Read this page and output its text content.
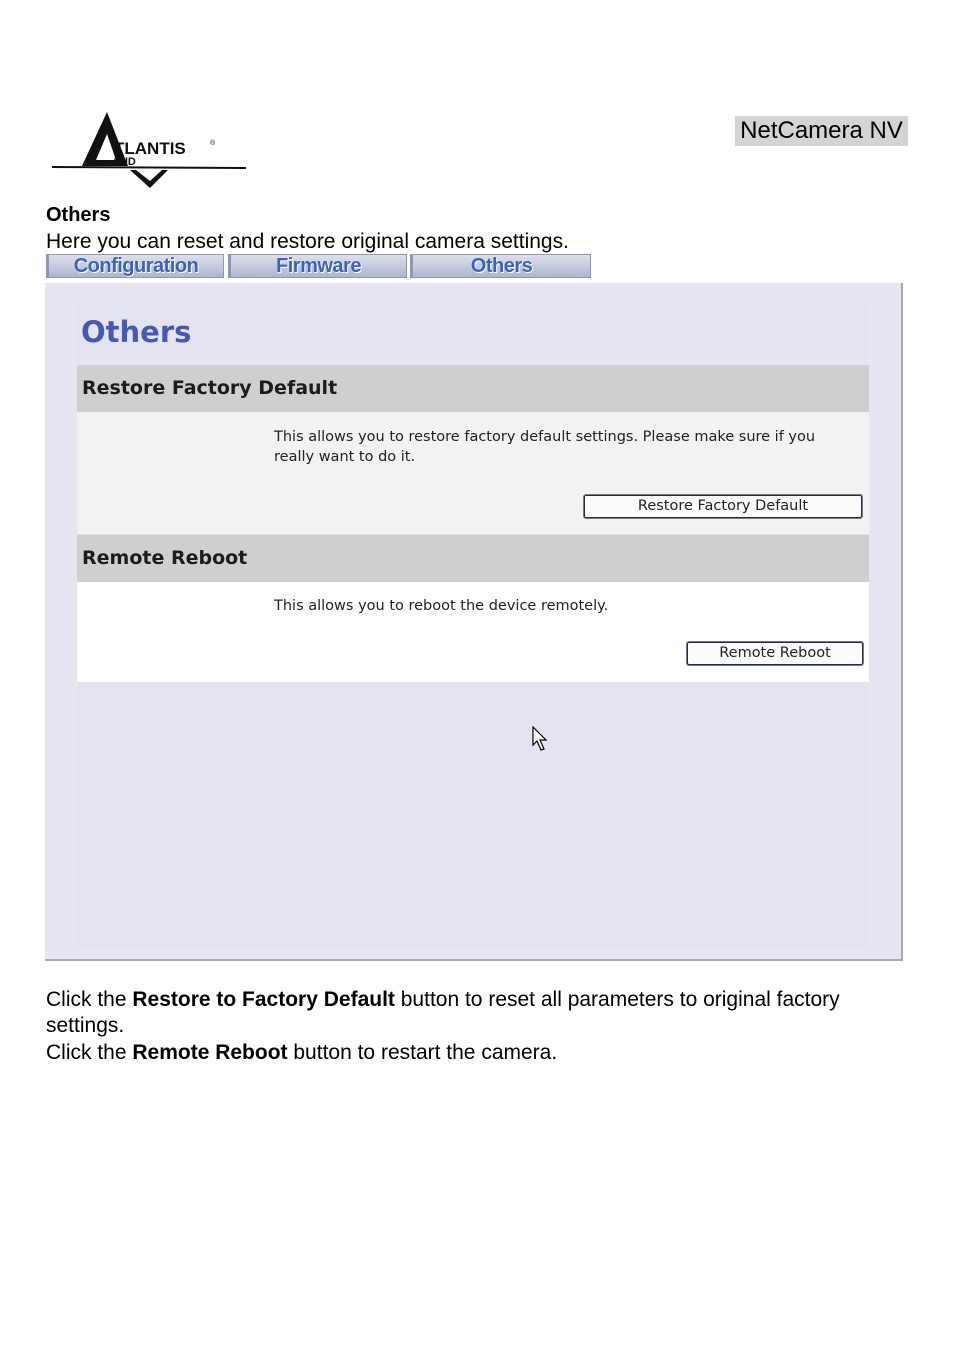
TLANTIS	®
AND
NetCamera NV
Others
Here you can reset and restore original camera settings.
Configuration	Firmware	Others
Others
Restore Factory Default
This allows you to restore factory default settings. Please make sure if you really want to do it.
Restore Factory Default
Remote Reboot
This allows you to reboot the device remotely.
Remote Reboot
Click the Restore to Factory Default button to reset all parameters to original factory settings.
Click the Remote Reboot button to restart the camera.
